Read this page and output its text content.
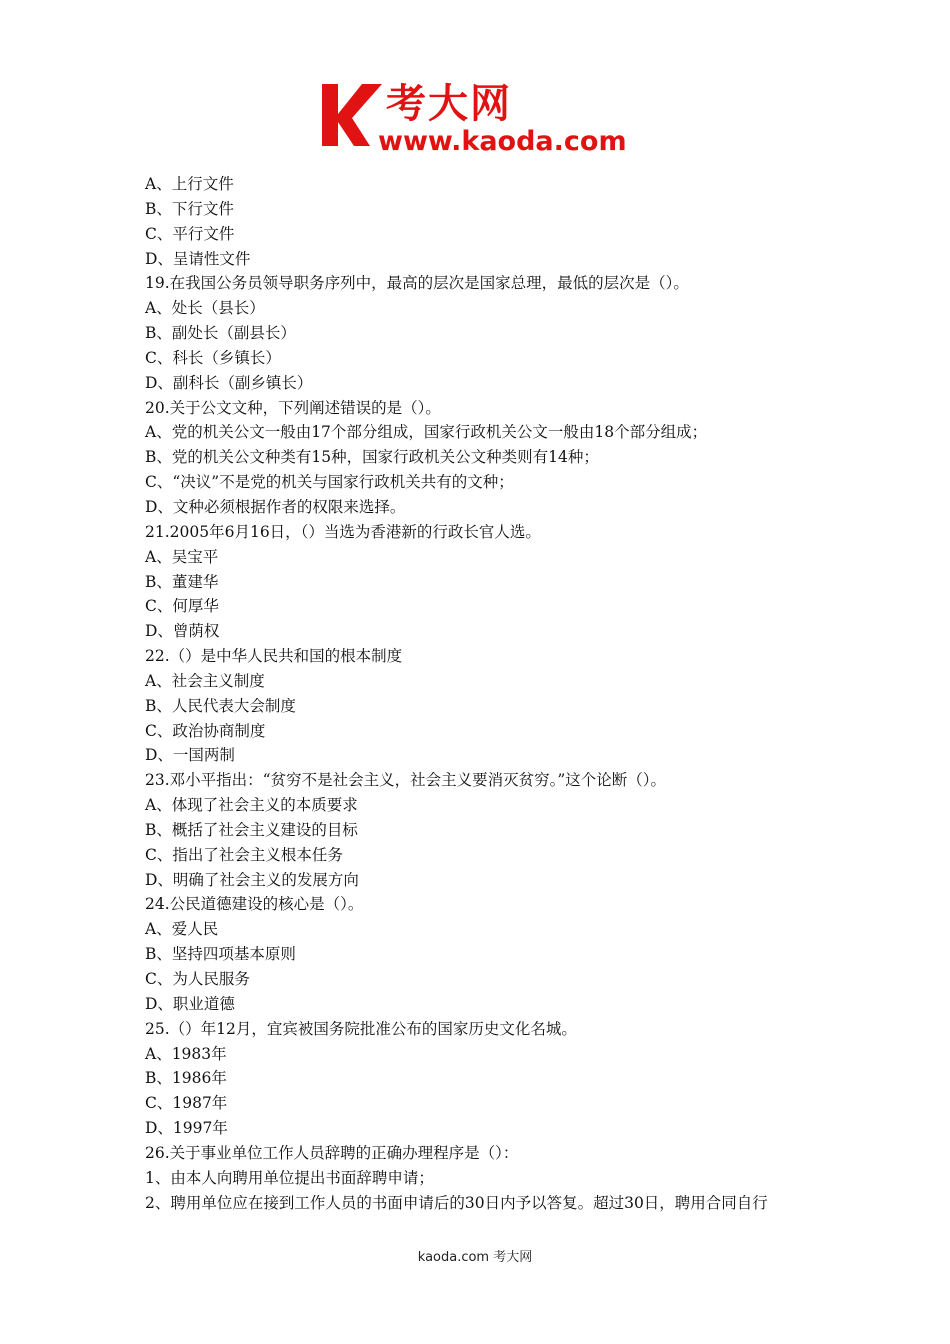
考大网
www.kaoda.com
A、上行文件
B、下行文件
C、平行文件
D、呈请性文件
19.在我国公务员领导职务序列中，最高的层次是国家总理，最低的层次是（）。
A、处长（县长）
B、副处长（副县长）
C、科长（乡镇长）
D、副科长（副乡镇长）
20.关于公文文种，下列阐述错误的是（）。
A、党的机关公文一般由17个部分组成，国家行政机关公文一般由18个部分组成；
B、党的机关公文种类有15种，国家行政机关公文种类则有14种；
C、“决议”不是党的机关与国家行政机关共有的文种；
D、文种必须根据作者的权限来选择。
21.2005年6月16日，（）当选为香港新的行政长官人选。
A、吴宝平
B、董建华
C、何厚华
D、曾荫权
22.（）是中华人民共和国的根本制度
A、社会主义制度
B、人民代表大会制度
C、政治协商制度
D、一国两制
23.邓小平指出：“贫穷不是社会主义，社会主义要消灭贫穷。”这个论断（）。
A、体现了社会主义的本质要求
B、概括了社会主义建设的目标
C、指出了社会主义根本任务
D、明确了社会主义的发展方向
24.公民道德建设的核心是（）。
A、爱人民
B、坚持四项基本原则
C、为人民服务
D、职业道德
25.（）年12月，宜宾被国务院批准公布的国家历史文化名城。
A、1983年
B、1986年
C、1987年
D、1997年
26.关于事业单位工作人员辞聘的正确办理程序是（）：
1、由本人向聘用单位提出书面辞聘申请；
2、聘用单位应在接到工作人员的书面申请后的30日内予以答复。超过30日，聘用合同自行
kaoda.com 考大网
